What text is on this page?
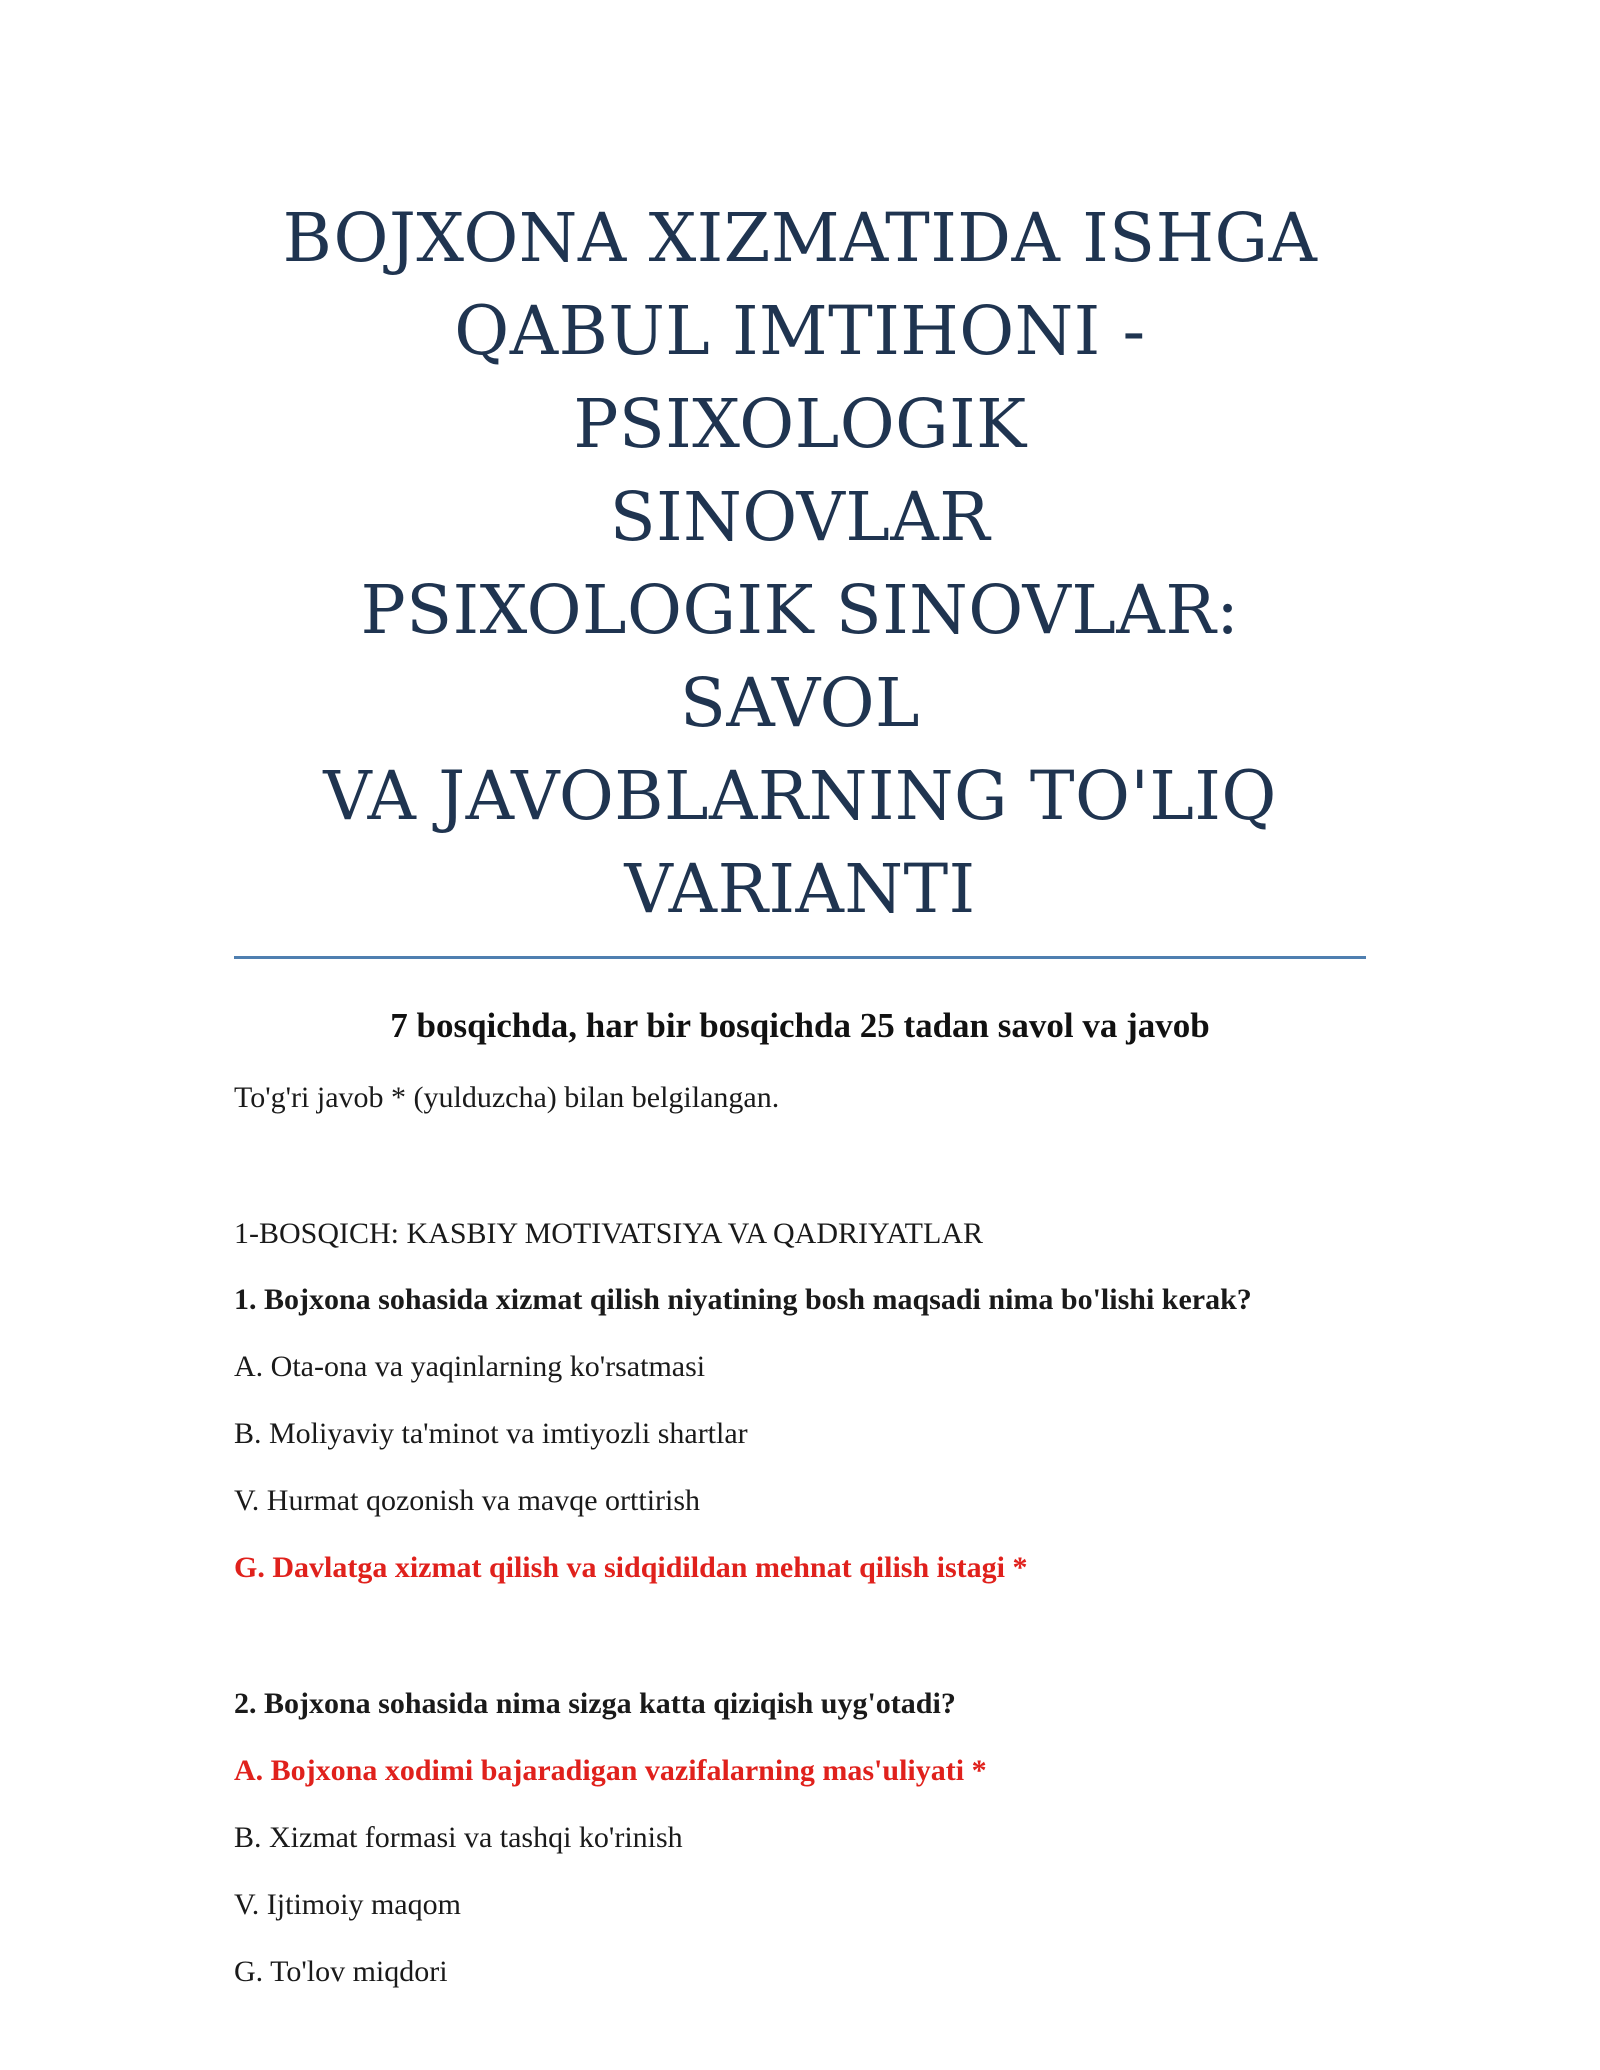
BOJXONA XIZMATIDA ISHGA
QABUL IMTIHONI - PSIXOLOGIK
SINOVLAR
PSIXOLOGIK SINOVLAR: SAVOL
VA JAVOBLARNING TO'LIQ
VARIANTI

7 bosqichda, har bir bosqichda 25 tadan savol va javob

To'g'ri javob * (yulduzcha) bilan belgilangan.

1-BOSQICH: KASBIY MOTIVATSIYA VA QADRIYATLAR

1. Bojxona sohasida xizmat qilish niyatining bosh maqsadi nima bo'lishi kerak?

A. Ota-ona va yaqinlarning ko'rsatmasi
B. Moliyaviy ta'minot va imtiyozli shartlar
V. Hurmat qozonish va mavqe orttirish
G. Davlatga xizmat qilish va sidqidildan mehnat qilish istagi *

2. Bojxona sohasida nima sizga katta qiziqish uyg'otadi?

A. Bojxona xodimi bajaradigan vazifalarning mas'uliyati *
B. Xizmat formasi va tashqi ko'rinish
V. Ijtimoiy maqom
G. To'lov miqdori
